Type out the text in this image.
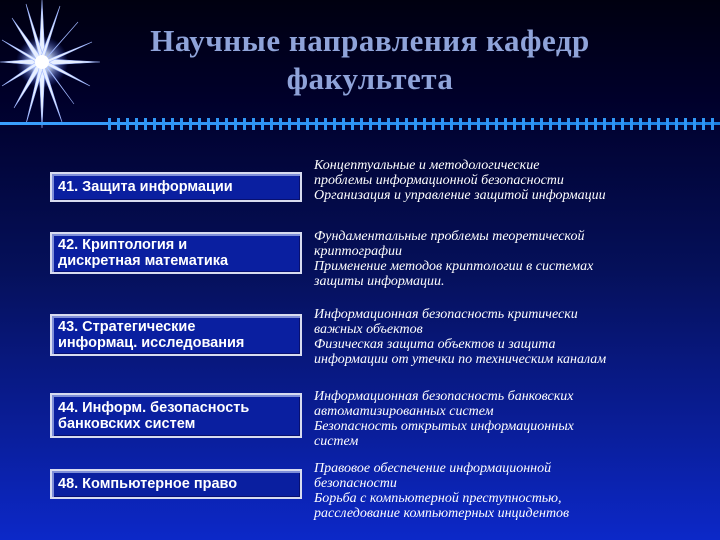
Научные направления кафедр
факультета
41. Защита информации
Концептуальные и методологические
проблемы информационной безопасности
Организация и управление защитой информации
42. Криптология и
дискретная математика
Фундаментальные проблемы теоретической
криптографии
Применение методов криптологии в системах
защиты информации.
43. Стратегические
информац. исследования
Информационная безопасность критически
важных объектов
Физическая защита объектов и защита
информации от утечки по техническим каналам
44. Информ. безопасность
банковских систем
Информационная безопасность банковских
автоматизированных систем
Безопасность открытых информационных
систем
48. Компьютерное право
Правовое обеспечение информационной
безопасности
Борьба с компьютерной преступностью,
расследование компьютерных инцидентов
